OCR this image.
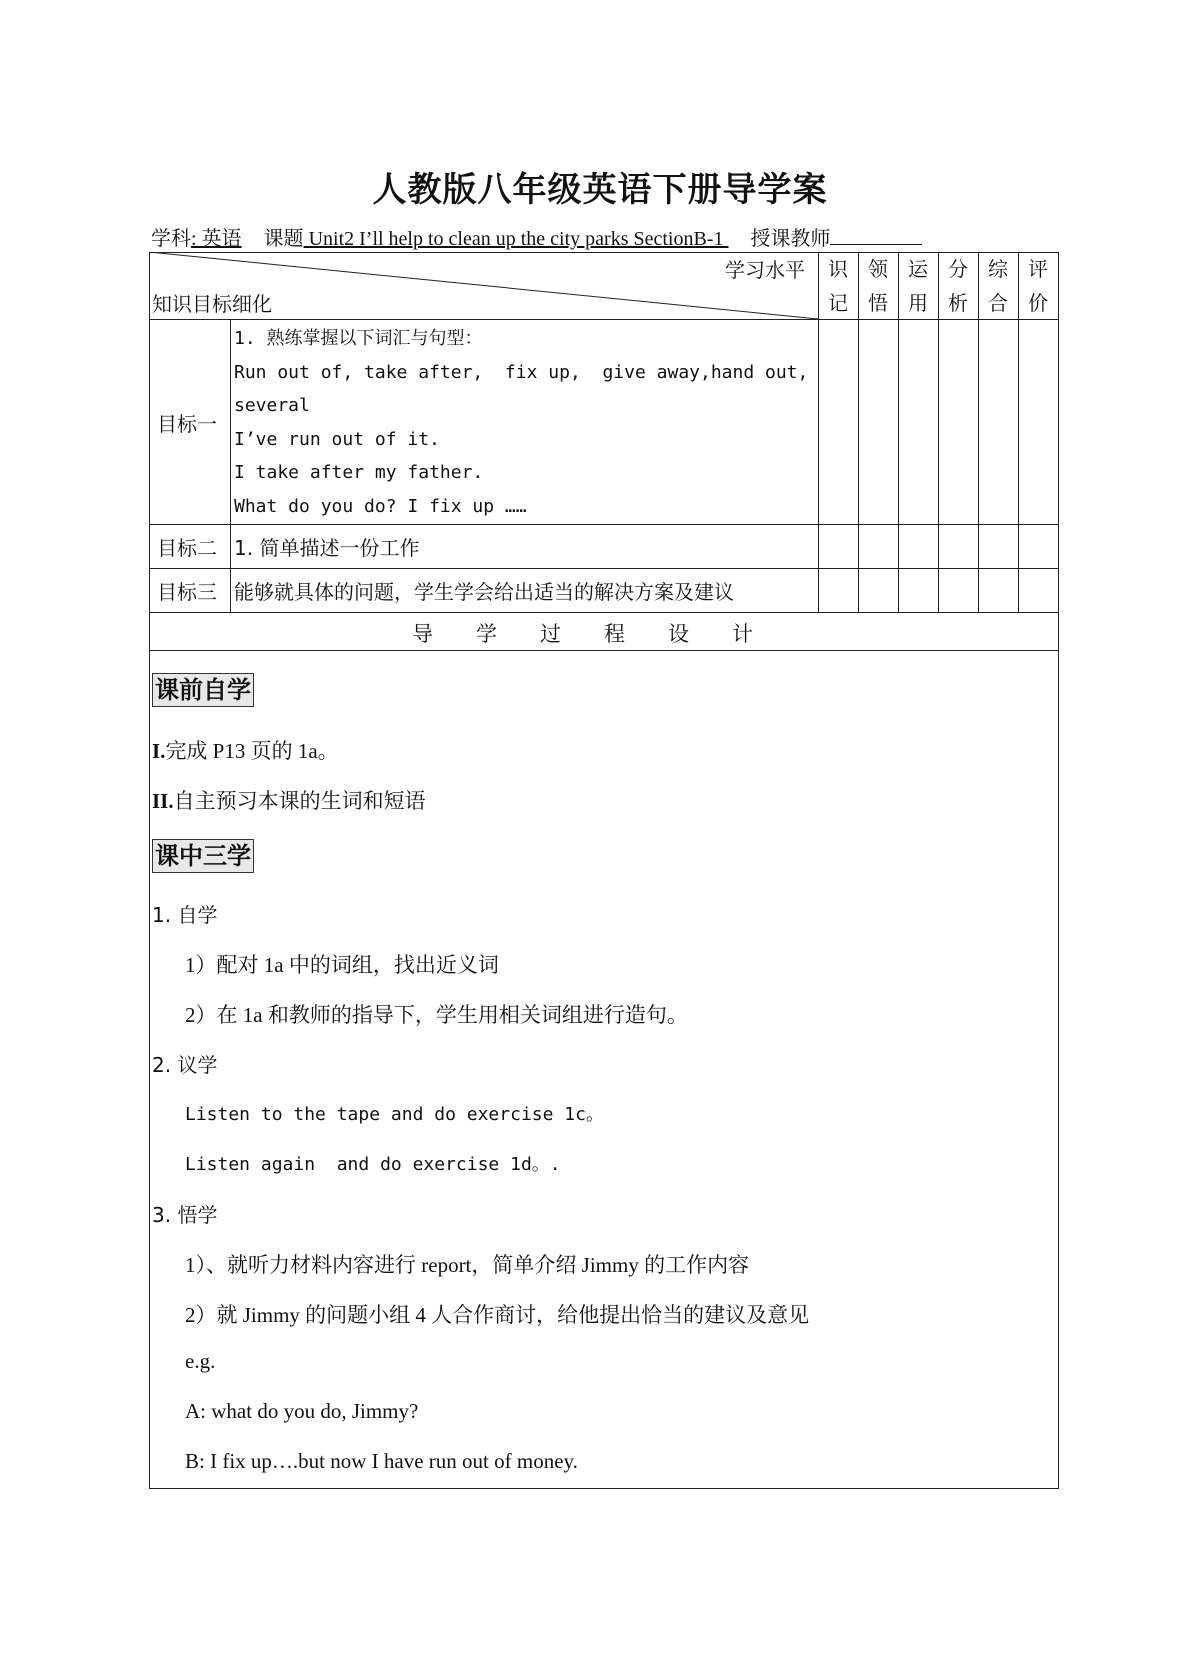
人教版八年级英语下册导学案
学科: 英语 课题 Unit2 I’ll help to clean up the city parks SectionB-1 授课教师
学习水平
知识目标细化
识
记
领
悟
运
用
分
析
综
合
评
价
目标一
1. 熟练掌握以下词汇与句型：
Run out of, take after,  fix up,  give away,hand out,
several
I’ve run out of it.
I take after my father.
What do you do? I fix up ……
目标二 1. 简单描述一份工作
目标三 能够就具体的问题，学生学会给出适当的解决方案及建议
导学过程设计
课前自学
I.完成 P13 页的 1a。
II.自主预习本课的生词和短语
课中三学
1. 自学
1）配对 1a 中的词组，找出近义词
2）在 1a 和教师的指导下，学生用相关词组进行造句。
2. 议学
Listen to the tape and do exercise 1c。
Listen again  and do exercise 1d。.
3. 悟学
1）、就听力材料内容进行 report，简单介绍 Jimmy 的工作内容
2）就 Jimmy 的问题小组 4 人合作商讨，给他提出恰当的建议及意见
e.g.
A: what do you do, Jimmy?
B: I fix up….but now I have run out of money.
